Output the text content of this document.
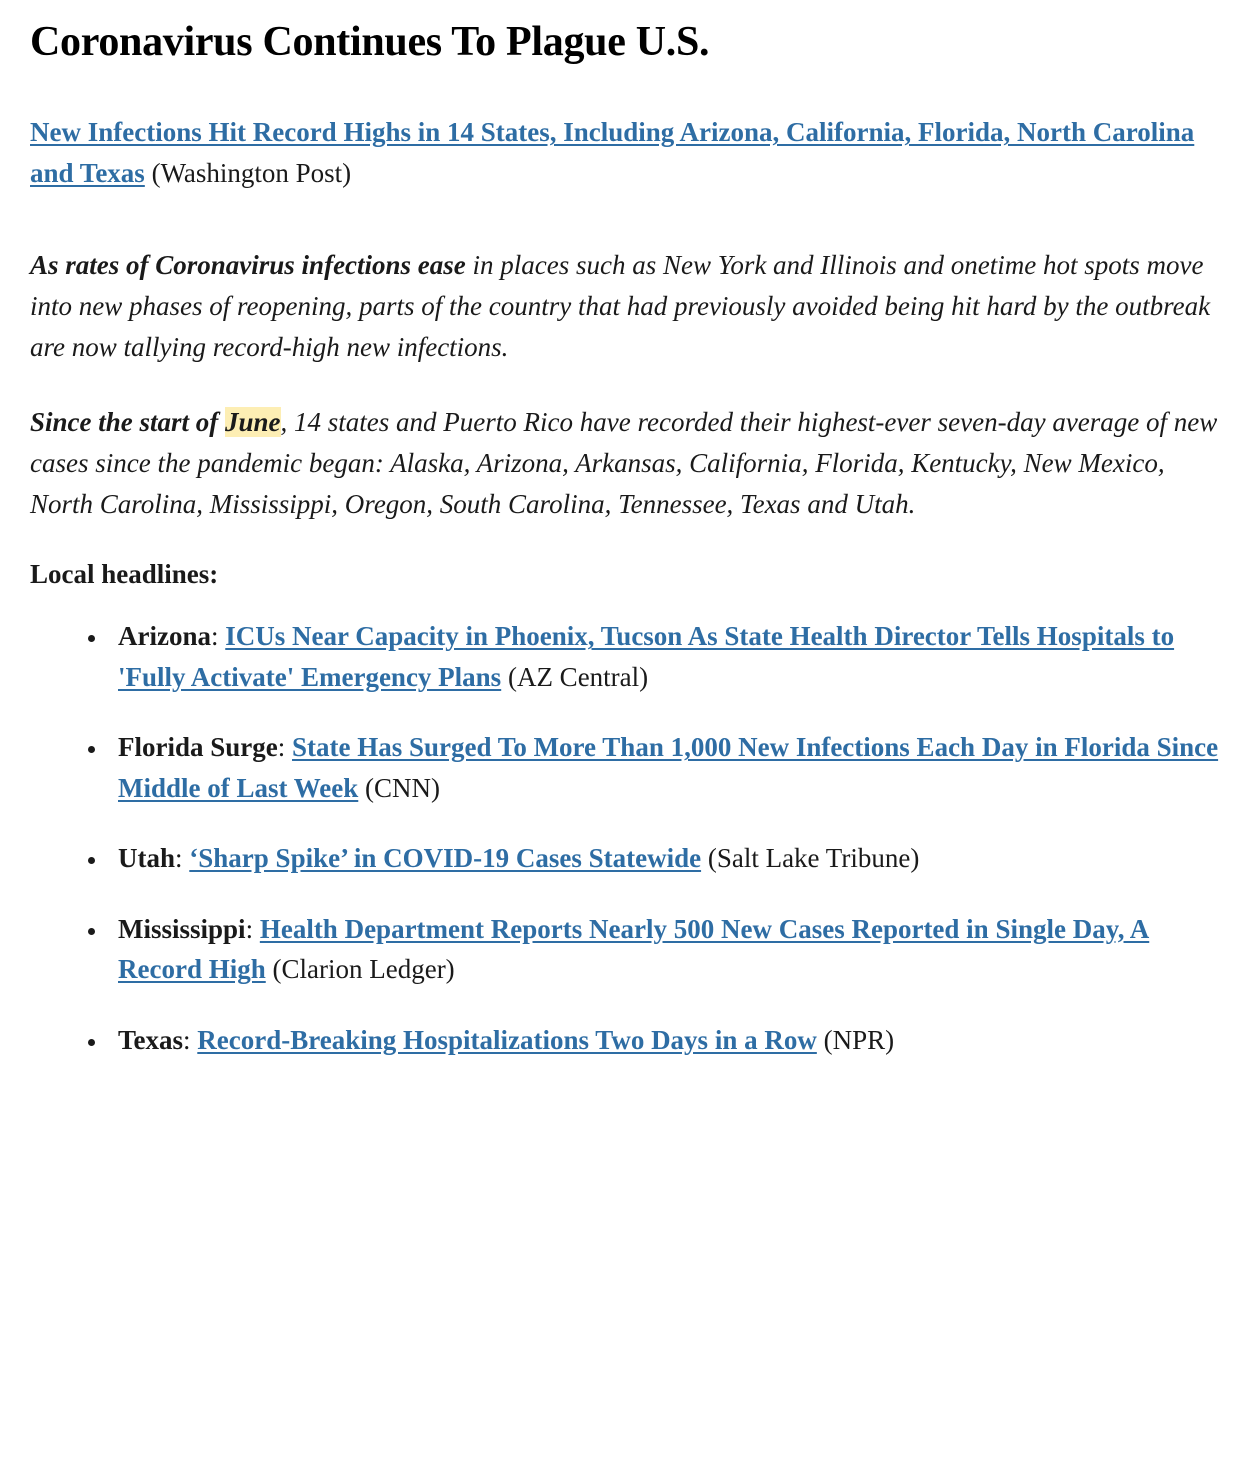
Coronavirus Continues To Plague U.S.
New Infections Hit Record Highs in 14 States, Including Arizona, California, Florida, North Carolina and Texas (Washington Post)

As rates of Coronavirus infections ease in places such as New York and Illinois and onetime hot spots move into new phases of reopening, parts of the country that had previously avoided being hit hard by the outbreak are now tallying record-high new infections.

Since the start of June, 14 states and Puerto Rico have recorded their highest-ever seven-day average of new cases since the pandemic began: Alaska, Arizona, Arkansas, California, Florida, Kentucky, New Mexico, North Carolina, Mississippi, Oregon, South Carolina, Tennessee, Texas and Utah.

Local headlines:
• Arizona: ICUs Near Capacity in Phoenix, Tucson As State Health Director Tells Hospitals to 'Fully Activate' Emergency Plans (AZ Central)
• Florida Surge: State Has Surged To More Than 1,000 New Infections Each Day in Florida Since Middle of Last Week (CNN)
• Utah: ‘Sharp Spike’ in COVID-19 Cases Statewide (Salt Lake Tribune)
• Mississippi: Health Department Reports Nearly 500 New Cases Reported in Single Day, A Record High (Clarion Ledger)
• Texas: Record-Breaking Hospitalizations Two Days in a Row (NPR)
